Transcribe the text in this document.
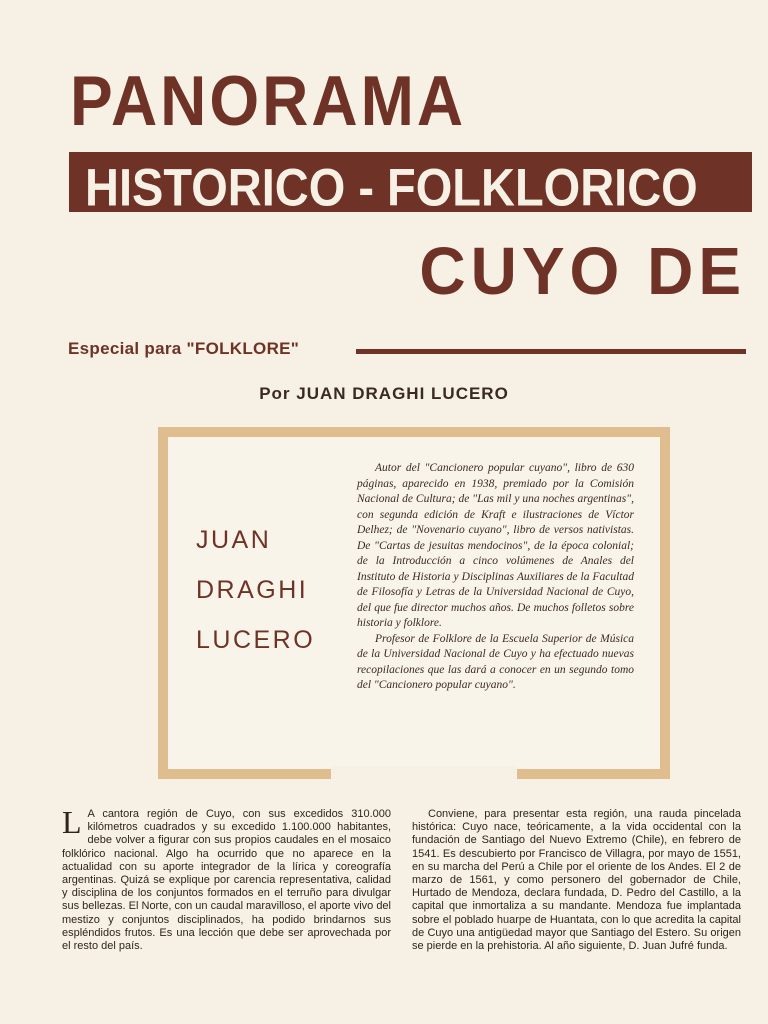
PANORAMA
HISTORICO - FOLKLORICO
CUYO DE
Especial para "FOLKLORE"
Por JUAN DRAGHI LUCERO
JUAN
DRAGHI
LUCERO

Autor del "Cancionero popular cuyano", libro de 630 páginas, aparecido en 1938, premiado por la Comisión Nacional de Cultura; de "Las mil y una noches argentinas", con segunda edición de Kraft e ilustraciones de Víctor Delhez; de "Novenario cuyano", libro de versos nativistas. De "Cartas de jesuitas mendocinos", de la época colonial; de la Introducción a cinco volúmenes de Anales del Instituto de Historia y Disciplinas Auxiliares de la Facultad de Filosofía y Letras de la Universidad Nacional de Cuyo, del que fue director muchos años. De muchos folletos sobre historia y folklore.

Profesor de Folklore de la Escuela Superior de Música de la Universidad Nacional de Cuyo y ha efectuado nuevas recopilaciones que las dará a conocer en un segundo tomo del "Cancionero popular cuyano".

L A cantora región de Cuyo, con sus excedidos 310.000 kilómetros cuadrados y su excedido 1.100.000 habitantes, debe volver a figurar con sus propios caudales en el mosaico folklórico nacional. Algo ha ocurrido que no aparece en la actualidad con su aporte integrador de la lírica y coreografía argentinas. Quizá se explique por carencia representativa, calidad y disciplina de los conjuntos formados en el terruño para divulgar sus bellezas. El Norte, con un caudal maravilloso, el aporte vivo del mestizo y conjuntos disciplinados, ha podido brindarnos sus espléndidos frutos. Es una lección que debe ser aprovechada por el resto del país.

Conviene, para presentar esta región, una rauda pincelada histórica: Cuyo nace, teóricamente, a la vida occidental con la fundación de Santiago del Nuevo Extremo (Chile), en febrero de 1541. Es descubierto por Francisco de Villagra, por mayo de 1551, en su marcha del Perú a Chile por el oriente de los Andes. El 2 de marzo de 1561, y como personero del gobernador de Chile, Hurtado de Mendoza, declara fundada, D. Pedro del Castillo, a la capital que inmortaliza a su mandante. Mendoza fue implantada sobre el poblado huarpe de Huantata, con lo que acredita la capital de Cuyo una antigüedad mayor que Santiago del Estero. Su origen se pierde en la prehistoria. Al año siguiente, D. Juan Jufré funda.
